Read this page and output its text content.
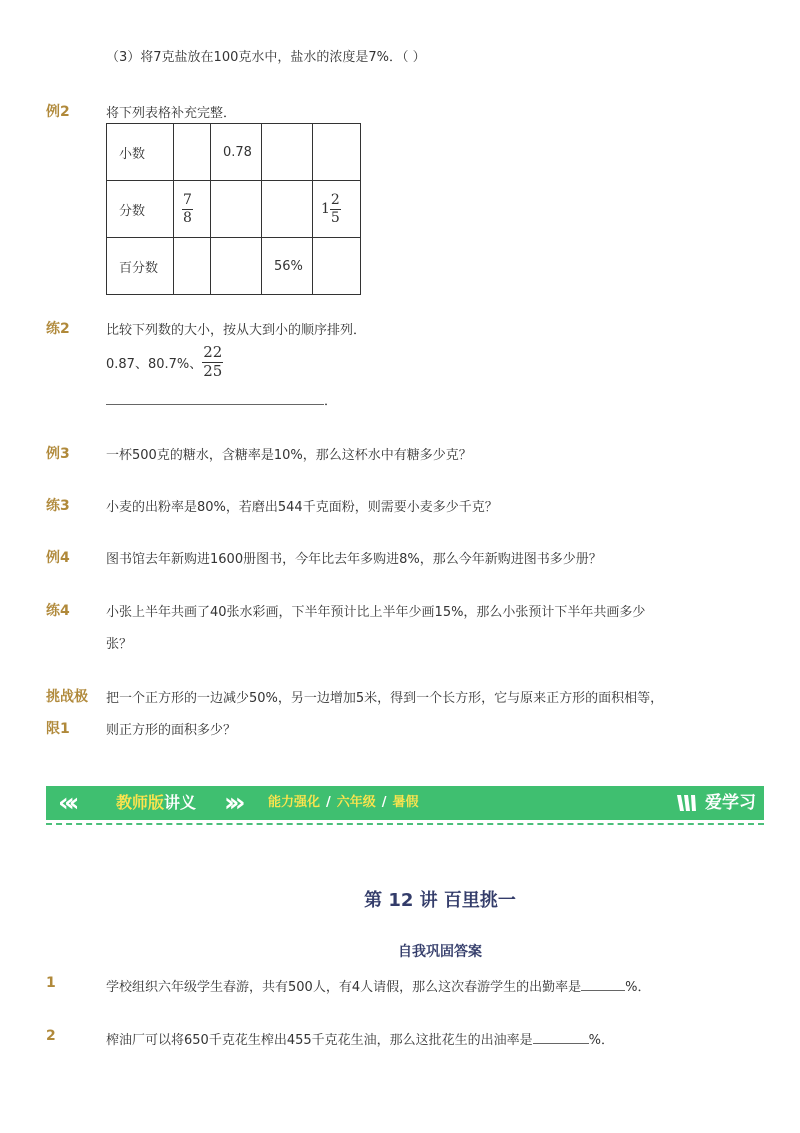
（3）将7克盐放在100克水中，盐水的浓度是7%．（ ）
例2	将下列表格补充完整．
小数		0.78		
分数	$\frac{7}{8}$			$1 \frac{2}{5}$

百分数			56%	
练2	比较下列数的大小，按从大到小的顺序排列．
0.87、80.7%、 $\frac{22}{25}$
．
例3	一杯500克的糖水，含糖率是10%，那么这杯水中有糖多少克？
练3	小麦的出粉率是80%，若磨出544千克面粉，则需要小麦多少千克？
例4	图书馆去年新购进1600册图书，今年比去年多购进8%，那么今年新购进图书多少册？
练4	小张上半年共画了40张水彩画，下半年预计比上半年少画15%，那么小张预计下半年共画多少
张？
挑战极
限1
把一个正方形的一边减少50%，另一边增加5米，得到一个长方形，它与原来正方形的面积相等，
则正方形的面积多少？
«‹	教师版讲义 ›» 能力强化 / 六年级 / 暑假	爱学习
第 12 讲 百里挑一
自我巩固答案
1	学校组织六年级学生春游，共有500人，有4人请假，那么这次春游学生的出勤率是	%．
2	榨油厂可以将650千克花生榨出455千克花生油，那么这批花生的出油率是	%．
